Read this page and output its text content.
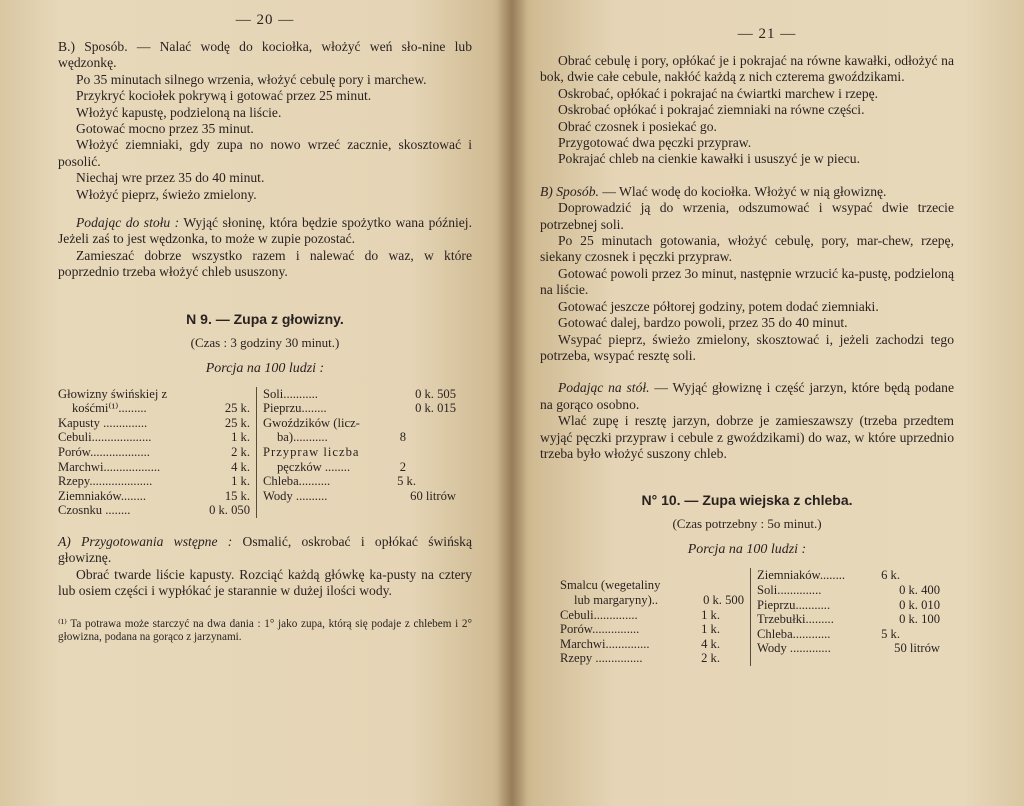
— 20 —

B.) Sposób. — Nalać wodę do kociołka, włożyć weń sło-nine lub wędzonkę.

Po 35 minutach silnego wrzenia, włożyć cebulę pory i marchew.

Przykryć kociołek pokrywą i gotować przez 25 minut.

Włożyć kapustę, podzieloną na liście.

Gotować mocno przez 35 minut.

Włożyć ziemniaki, gdy zupa no nowo wrzeć zacznie, skosztować i posolić.

Niechaj wre przez 35 do 40 minut.

Włożyć pieprz, świeżo zmielony.

Podając do stołu : Wyjąć słoninę, która będzie spożytko wana później. Jeżeli zaś to jest wędzonka, to może w zupie pozostać.

Zamieszać dobrze wszystko razem i nalewać do waz, w które poprzednio trzeba włożyć chleb ususzony.

N 9. — Zupa z głowizny.
(Czas : 3 godziny 30 minut.)
Porcja na 100 ludzi :
Głowizny świńskiej z
kośćmi⁽¹⁾.........	25 k.
Kapusty ..............	25 k.
Cebuli...................	1 k.
Porów...................	2 k.
Marchwi..................	4 k.
Rzepy....................	1 k.
Ziemniaków........	15 k.
Czosnku ........	0 k. 050
Soli...........	0 k. 505
Pieprzu........	0 k. 015
Gwoździków (licz-
ba)...........	8
Przypraw liczba
pęczków ........	2
Chleba..........	5 k.
Wody ..........	60 litrów

A) Przygotowania wstępne : Osmalić, oskrobać i opłókać świńską głowiznę.

Obrać twarde liście kapusty. Rozciąć każdą główkę ka-pusty na cztery lub osiem części i wypłókać je starannie w dużej ilości wody.

⁽¹⁾ Ta potrawa może starczyć na dwa dania : 1° jako zupa, którą się podaje z chlebem i 2° głowizna, podana na gorąco z jarzynami.
— 21 —

Obrać cebulę i pory, opłókać je i pokrajać na równe kawałki, odłożyć na bok, dwie całe cebule, nakłóć każdą z nich czterema gwoździkami.

Oskrobać, opłókać i pokrajać na ćwiartki marchew i rzepę.

Oskrobać opłókać i pokrajać ziemniaki na równe części.

Obrać czosnek i posiekać go.

Przygotować dwa pęczki przypraw.

Pokrajać chleb na cienkie kawałki i ususzyć je w piecu.

B) Sposób. — Wlać wodę do kociołka. Włożyć w nią głowiznę.

Doprowadzić ją do wrzenia, odszumować i wsypać dwie trzecie potrzebnej soli.

Po 25 minutach gotowania, włożyć cebulę, pory, mar-chew, rzepę, siekany czosnek i pęczki przypraw.

Gotować powoli przez 3o minut, następnie wrzucić ka-pustę, podzieloną na liście.

Gotować jeszcze półtorej godziny, potem dodać ziemniaki.

Gotować dalej, bardzo powoli, przez 35 do 40 minut.

Wsypać pieprz, świeżo zmielony, skosztować i, jeżeli zachodzi tego potrzeba, wsypać resztę soli.

Podając na stół. — Wyjąć głowiznę i część jarzyn, które będą podane na gorąco osobno.

Wlać zupę i resztę jarzyn, dobrze je zamieszawszy (trzeba przedtem wyjąć pęczki przypraw i cebule z gwoździkami) do waz, w które uprzednio trzeba było włożyć suszony chleb.

N° 10. — Zupa wiejska z chleba.
(Czas potrzebny : 5o minut.)
Porcja na 100 ludzi :
Smalcu (wegetaliny
lub margaryny)..	0 k. 500
Cebuli..............	1 k.
Porów...............	1 k.
Marchwi..............	4 k.
Rzepy ...............	2 k.
Ziemniaków........	6 k.
Soli..............	0 k. 400
Pieprzu...........	0 k. 010
Trzebułki.........	0 k. 100
Chleba............	5 k.
Wody .............	50 litrów
